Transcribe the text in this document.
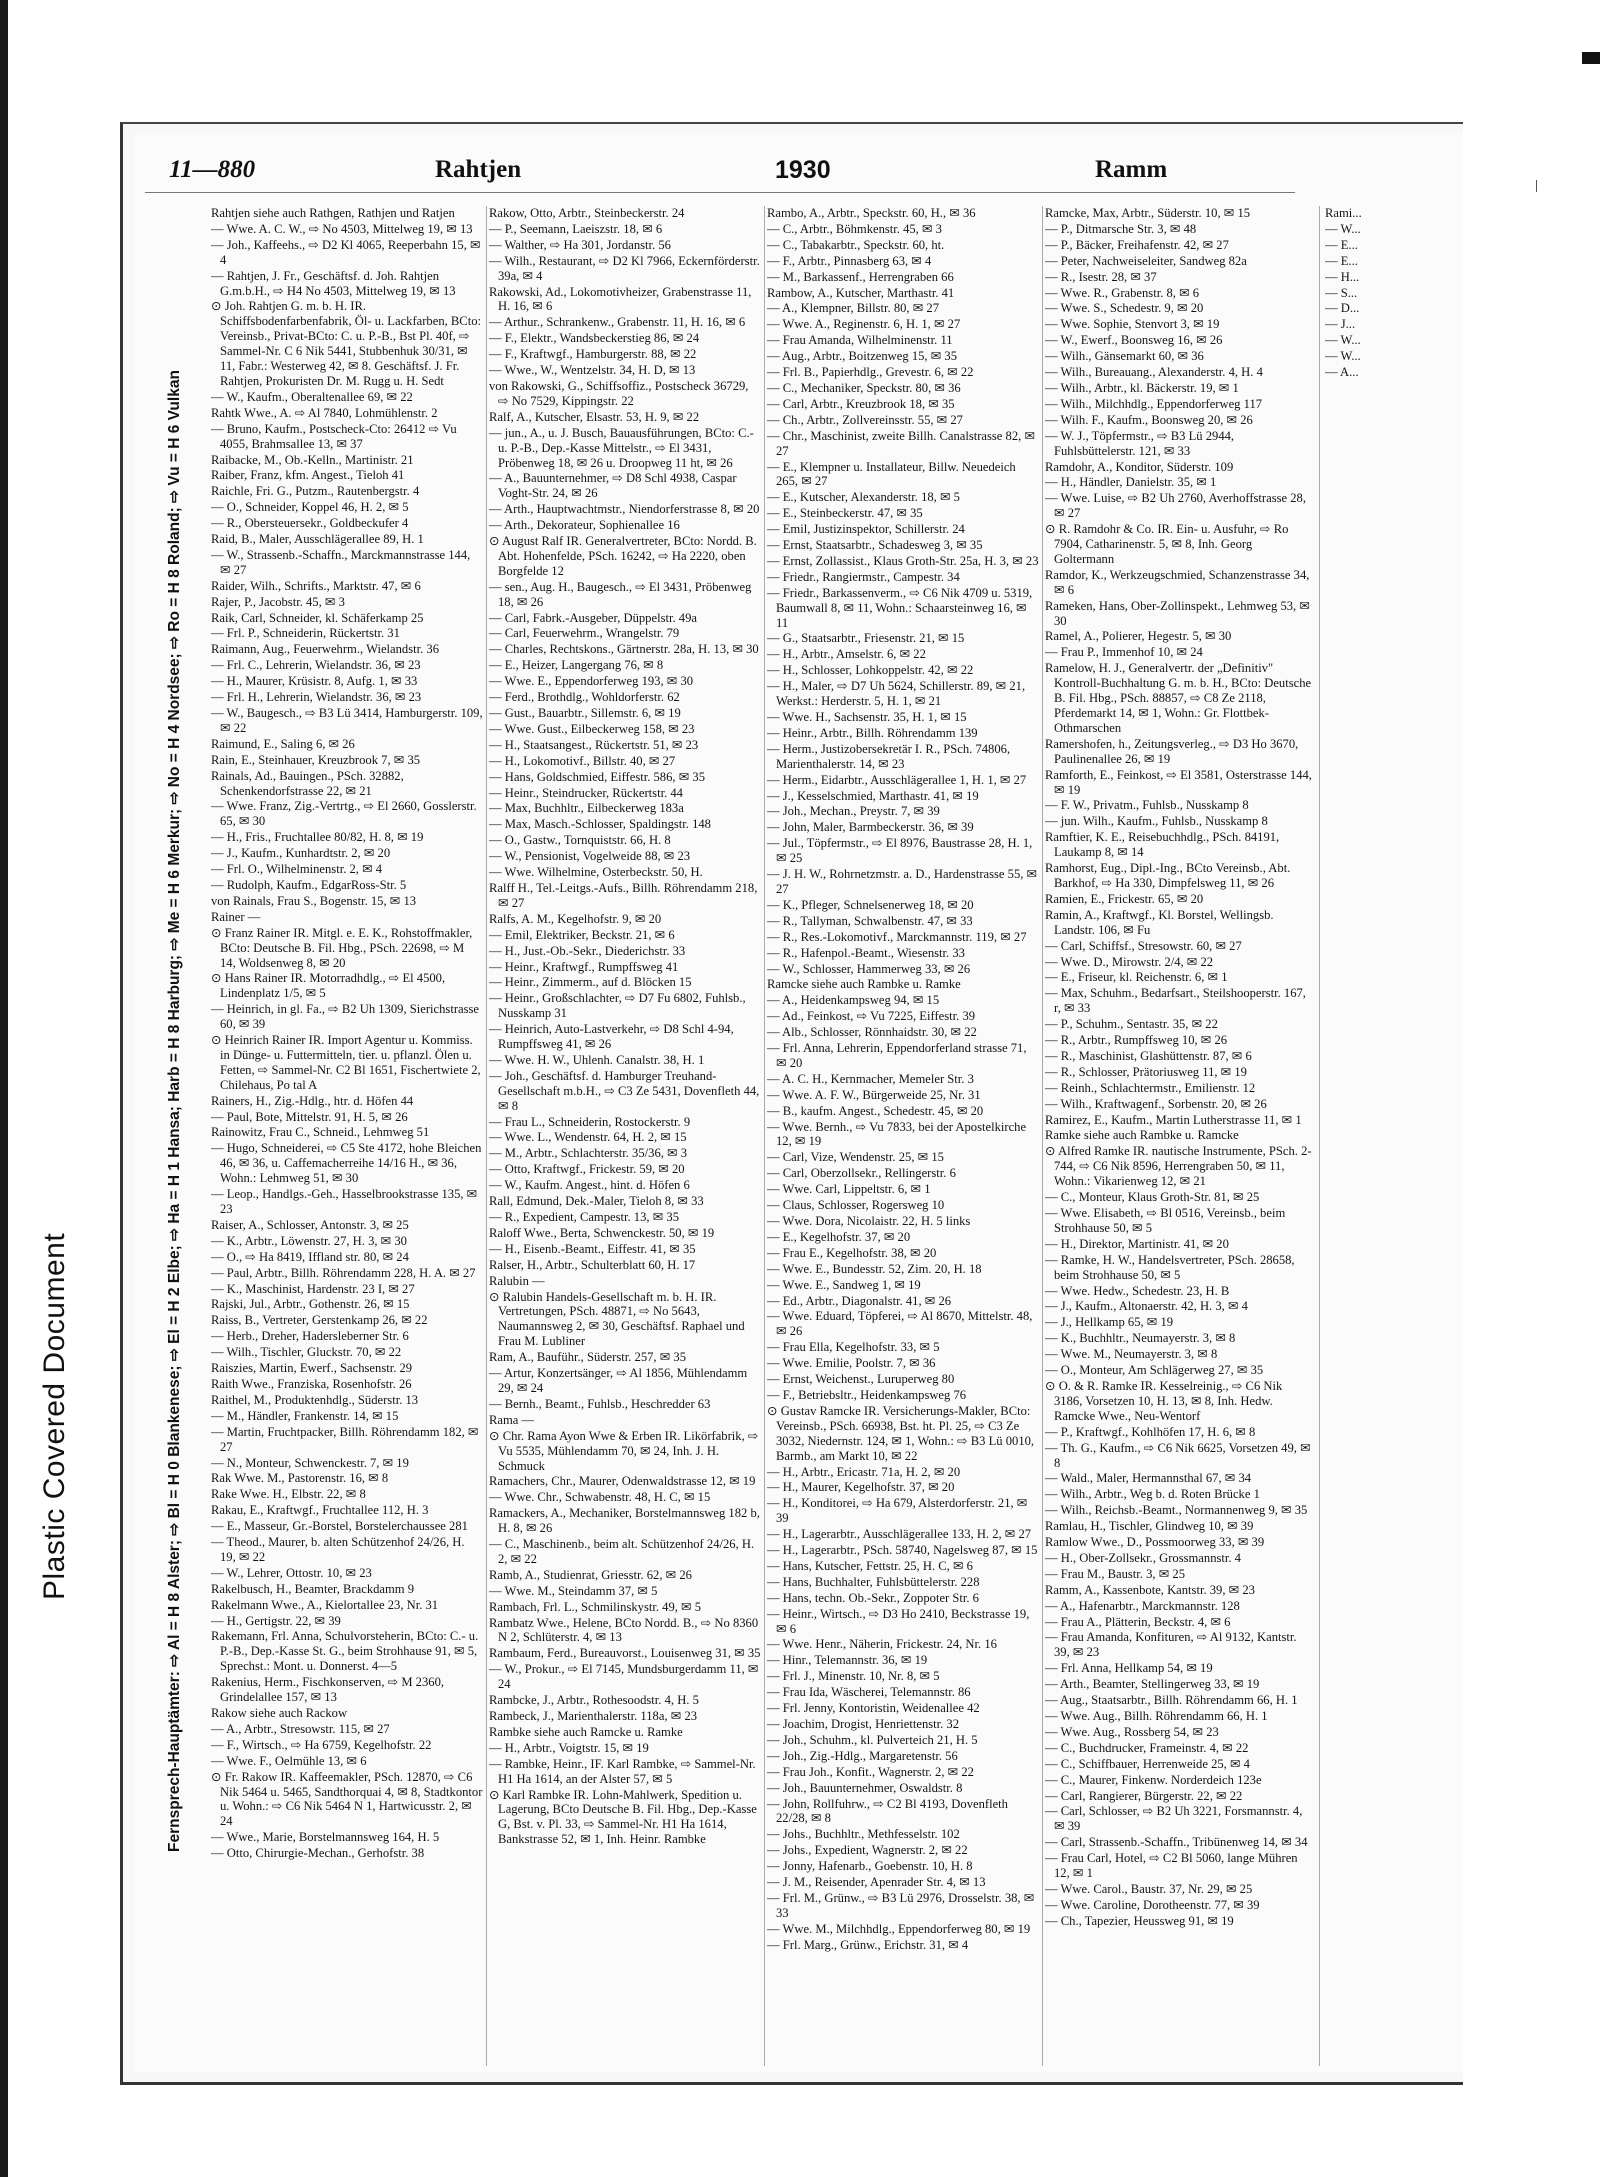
Plastic Covered Document
11—880	Rahtjen	1930	Ramm
Fernsprech-Hauptämter: ⇨ Al = H 8 Alster; ⇨ Bl = H 0 Blankenese; ⇨ El = H 2 Elbe; ⇨ Ha = H 1 Hansa; Harb = H 8 Harburg; ⇨ Me = H 6 Merkur; ⇨ No = H 4 Nordsee; ⇨ Ro = H 8 Roland; ⇨ Vu = H 6 Vulkan

Rahtjen siehe auch Rathgen, Rathjen und Ratjen

— Wwe. A. C. W., ⇨ No 4503, Mittelweg 19, ✉ 13

— Joh., Kaffeehs., ⇨ D2 Kl 4065, Reeperbahn 15, ✉ 4

— Rahtjen, J. Fr., Geschäftsf. d. Joh. Rahtjen G.m.b.H., ⇨ H4 No 4503, Mittelweg 19, ✉ 13

⊙ Joh. Rahtjen G. m. b. H. IR. Schiffsbodenfarbenfabrik, Öl- u. Lackfarben, BCto: Vereinsb., Privat-BCto: C. u. P.-B., Bst Pl. 40f, ⇨ Sammel-Nr. C 6 Nik 5441, Stubbenhuk 30/31, ✉ 11, Fabr.: Westerweg 42, ✉ 8. Geschäftsf. J. Fr. Rahtjen, Prokuristen Dr. M. Rugg u. H. Sedt

— W., Kaufm., Oberaltenallee 69, ✉ 22

Rahtk Wwe., A. ⇨ Al 7840, Lohmühlenstr. 2

— Bruno, Kaufm., Postscheck-Cto: 26412 ⇨ Vu 4055, Brahmsallee 13, ✉ 37

Raibacke, M., Ob.-Kelln., Martinistr. 21

Raiber, Franz, kfm. Angest., Tieloh 41

Raichle, Fri. G., Putzm., Rautenbergstr. 4

— O., Schneider, Koppel 46, H. 2, ✉ 5

— R., Obersteuersekr., Goldbeckufer 4

Raid, B., Maler, Ausschlägerallee 89, H. 1

— W., Strassenb.-Schaffn., Marckmannstrasse 144, ✉ 27

Raider, Wilh., Schrifts., Marktstr. 47, ✉ 6

Rajer, P., Jacobstr. 45, ✉ 3

Raik, Carl, Schneider, kl. Schäferkamp 25

— Frl. P., Schneiderin, Rückertstr. 31

Raimann, Aug., Feuerwehrm., Wielandstr. 36

— Frl. C., Lehrerin, Wielandstr. 36, ✉ 23

— H., Maurer, Krüsistr. 8, Aufg. 1, ✉ 33

— Frl. H., Lehrerin, Wielandstr. 36, ✉ 23

— W., Baugesch., ⇨ B3 Lü 3414, Hamburgerstr. 109, ✉ 22

Raimund, E., Saling 6, ✉ 26

Rain, E., Steinhauer, Kreuzbrook 7, ✉ 35

Rainals, Ad., Bauingen., PSch. 32882, Schenkendorfstrasse 22, ✉ 21

— Wwe. Franz, Zig.-Vertrtg., ⇨ El 2660, Gosslerstr. 65, ✉ 30

— H., Fris., Fruchtallee 80/82, H. 8, ✉ 19

— J., Kaufm., Kunhardtstr. 2, ✉ 20

— Frl. O., Wilhelminenstr. 2, ✉ 4

— Rudolph, Kaufm., EdgarRoss-Str. 5

von Rainals, Frau S., Bogenstr. 15, ✉ 13

Rainer —

⊙ Franz Rainer IR. Mitgl. e. E. K., Rohstoffmakler, BCto: Deutsche B. Fil. Hbg., PSch. 22698, ⇨ M 14, Woldsenweg 8, ✉ 20

⊙ Hans Rainer IR. Motorradhdlg., ⇨ El 4500, Lindenplatz 1/5, ✉ 5

— Heinrich, in gl. Fa., ⇨ B2 Uh 1309, Sierichstrasse 60, ✉ 39

⊙ Heinrich Rainer IR. Import Agentur u. Kommiss. in Dünge- u. Futtermitteln, tier. u. pflanzl. Ölen u. Fetten, ⇨ Sammel-Nr. C2 Bl 1651, Fischertwiete 2, Chilehaus, Po tal A

Rainers, H., Zig.-Hdlg., htr. d. Höfen 44

— Paul, Bote, Mittelstr. 91, H. 5, ✉ 26

Rainowitz, Frau C., Schneid., Lehmweg 51

— Hugo, Schneiderei, ⇨ C5 Ste 4172, hohe Bleichen 46, ✉ 36, u. Caffemacherreihe 14/16 H., ✉ 36, Wohn.: Lehmweg 51, ✉ 30

— Leop., Handlgs.-Geh., Hasselbrookstrasse 135, ✉ 23

Raiser, A., Schlosser, Antonstr. 3, ✉ 25

— K., Arbtr., Löwenstr. 27, H. 3, ✉ 30

— O., ⇨ Ha 8419, Iffland str. 80, ✉ 24

— Paul, Arbtr., Billh. Röhrendamm 228, H. A. ✉ 27

— K., Maschinist, Hardenstr. 23 I, ✉ 27

Rajski, Jul., Arbtr., Gothenstr. 26, ✉ 15

Raiss, B., Vertreter, Gerstenkamp 26, ✉ 22

— Herb., Dreher, Hadersleberner Str. 6

— Wilh., Tischler, Gluckstr. 70, ✉ 22

Raiszies, Martin, Ewerf., Sachsenstr. 29

Raith Wwe., Franziska, Rosenhofstr. 26

Raithel, M., Produktenhdlg., Süderstr. 13

— M., Händler, Frankenstr. 14, ✉ 15

— Martin, Fruchtpacker, Billh. Röhrendamm 182, ✉ 27

— N., Monteur, Schwenckestr. 7, ✉ 19

Rak Wwe. M., Pastorenstr. 16, ✉ 8

Rake Wwe. H., Elbstr. 22, ✉ 8

Rakau, E., Kraftwgf., Fruchtallee 112, H. 3

— E., Masseur, Gr.-Borstel, Borstelerchaussee 281

— Theod., Maurer, b. alten Schützenhof 24/26, H. 19, ✉ 22

— W., Lehrer, Ottostr. 10, ✉ 23

Rakelbusch, H., Beamter, Brackdamm 9

Rakelmann Wwe., A., Kielortallee 23, Nr. 31

— H., Gertigstr. 22, ✉ 39

Rakemann, Frl. Anna, Schulvorsteherin, BCto: C.- u. P.-B., Dep.-Kasse St. G., beim Strohhause 91, ✉ 5, Sprechst.: Mont. u. Donnerst. 4—5

Rakenius, Herm., Fischkonserven, ⇨ M 2360, Grindelallee 157, ✉ 13

Rakow siehe auch Rackow

— A., Arbtr., Stresowstr. 115, ✉ 27

— F., Wirtsch., ⇨ Ha 6759, Kegelhofstr. 22

— Wwe. F., Oelmühle 13, ✉ 6

⊙ Fr. Rakow IR. Kaffeemakler, PSch. 12870, ⇨ C6 Nik 5464 u. 5465, Sandthorquai 4, ✉ 8, Stadtkontor u. Wohn.: ⇨ C6 Nik 5464 N 1, Hartwicusstr. 2, ✉ 24

— Wwe., Marie, Borstelmannsweg 164, H. 5

— Otto, Chirurgie-Mechan., Gerhofstr. 38

Rakow, Otto, Arbtr., Steinbeckerstr. 24

— P., Seemann, Laeiszstr. 18, ✉ 6

— Walther, ⇨ Ha 301, Jordanstr. 56

— Wilh., Restaurant, ⇨ D2 Kl 7966, Eckernförderstr. 39a, ✉ 4

Rakowski, Ad., Lokomotivheizer, Grabenstrasse 11, H. 16, ✉ 6

— Arthur., Schrankenw., Grabenstr. 11, H. 16, ✉ 6

— F., Elektr., Wandsbeckerstieg 86, ✉ 24

— F., Kraftwgf., Hamburgerstr. 88, ✉ 22

— Wwe., W., Wentzelstr. 34, H. D, ✉ 13

von Rakowski, G., Schiffsoffiz., Postscheck 36729, ⇨ No 7529, Kippingstr. 22

Ralf, A., Kutscher, Elsastr. 53, H. 9, ✉ 22

— jun., A., u. J. Busch, Bauausführungen, BCto: C.- u. P.-B., Dep.-Kasse Mittelstr., ⇨ El 3431, Pröbenweg 18, ✉ 26 u. Droopweg 11 ht, ✉ 26

— A., Bauunternehmer, ⇨ D8 Schl 4938, Caspar Voght-Str. 24, ✉ 26

— Arth., Hauptwachtmstr., Niendorferstrasse 8, ✉ 20

— Arth., Dekorateur, Sophienallee 16

⊙ August Ralf IR. Generalvertreter, BCto: Nordd. B. Abt. Hohenfelde, PSch. 16242, ⇨ Ha 2220, oben Borgfelde 12

— sen., Aug. H., Baugesch., ⇨ El 3431, Pröbenweg 18, ✉ 26

— Carl, Fabrk.-Ausgeber, Düppelstr. 49a

— Carl, Feuerwehrm., Wrangelstr. 79

— Charles, Rechtskons., Gärtnerstr. 28a, H. 13, ✉ 30

— E., Heizer, Langergang 76, ✉ 8

— Wwe. E., Eppendorferweg 193, ✉ 30

— Ferd., Brothdlg., Wohldorferstr. 62

— Gust., Bauarbtr., Sillemstr. 6, ✉ 19

— Wwe. Gust., Eilbeckerweg 158, ✉ 23

— H., Staatsangest., Rückertstr. 51, ✉ 23

— H., Lokomotivf., Billstr. 40, ✉ 27

— Hans, Goldschmied, Eiffestr. 586, ✉ 35

— Heinr., Steindrucker, Rückertstr. 44

— Max, Buchhltr., Eilbeckerweg 183a

— Max, Masch.-Schlosser, Spaldingstr. 148

— O., Gastw., Tornquiststr. 66, H. 8

— W., Pensionist, Vogelweide 88, ✉ 23

— Wwe. Wilhelmine, Osterbeckstr. 50, H.

Ralff H., Tel.-Leitgs.-Aufs., Billh. Röhrendamm 218, ✉ 27

Ralfs, A. M., Kegelhofstr. 9, ✉ 20

— Emil, Elektriker, Beckstr. 21, ✉ 6

— H., Just.-Ob.-Sekr., Diederichstr. 33

— Heinr., Kraftwgf., Rumpffsweg 41

— Heinr., Zimmerm., auf d. Blöcken 15

— Heinr., Großschlachter, ⇨ D7 Fu 6802, Fuhlsb., Nusskamp 31

— Heinrich, Auto-Lastverkehr, ⇨ D8 Schl 4-94, Rumpffsweg 41, ✉ 26

— Wwe. H. W., Uhlenh. Canalstr. 38, H. 1

— Joh., Geschäftsf. d. Hamburger Treuhand-Gesellschaft m.b.H., ⇨ C3 Ze 5431, Dovenfleth 44, ✉ 8

— Frau L., Schneiderin, Rostockerstr. 9

— Wwe. L., Wendenstr. 64, H. 2, ✉ 15

— M., Arbtr., Schlachterstr. 35/36, ✉ 3

— Otto, Kraftwgf., Frickestr. 59, ✉ 20

— W., Kaufm. Angest., hint. d. Höfen 6

Rall, Edmund, Dek.-Maler, Tieloh 8, ✉ 33

— R., Expedient, Campestr. 13, ✉ 35

Raloff Wwe., Berta, Schwenckestr. 50, ✉ 19

— H., Eisenb.-Beamt., Eiffestr. 41, ✉ 35

Ralser, H., Arbtr., Schulterblatt 60, H. 17

Ralubin —

⊙ Ralubin Handels-Gesellschaft m. b. H. IR. Vertretungen, PSch. 48871, ⇨ No 5643, Naumannsweg 2, ✉ 30, Geschäftsf. Raphael und Frau M. Lubliner

Ram, A., Bauführ., Süderstr. 257, ✉ 35

— Artur, Konzertsänger, ⇨ Al 1856, Mühlendamm 29, ✉ 24

— Bernh., Beamt., Fuhlsb., Heschredder 63

Rama —

⊙ Chr. Rama Ayon Wwe & Erben IR. Likörfabrik, ⇨ Vu 5535, Mühlendamm 70, ✉ 24, Inh. J. H. Schmuck

Ramachers, Chr., Maurer, Odenwaldstrasse 12, ✉ 19

— Wwe. Chr., Schwabenstr. 48, H. C, ✉ 15

Ramackers, A., Mechaniker, Borstelmannsweg 182 b, H. 8, ✉ 26

— C., Maschinenb., beim alt. Schützenhof 24/26, H. 2, ✉ 22

Ramb, A., Studienrat, Griesstr. 62, ✉ 26

— Wwe. M., Steindamm 37, ✉ 5

Rambach, Frl. L., Schmilinskystr. 49, ✉ 5

Rambatz Wwe., Helene, BCto Nordd. B., ⇨ No 8360 N 2, Schlüterstr. 4, ✉ 13

Rambaum, Ferd., Bureauvorst., Louisenweg 31, ✉ 35

— W., Prokur., ⇨ El 7145, Mundsburgerdamm 11, ✉ 24

Rambcke, J., Arbtr., Rothesoodstr. 4, H. 5

Rambeck, J., Marienthalerstr. 118a, ✉ 23

Rambke siehe auch Ramcke u. Ramke

— H., Arbtr., Voigtstr. 15, ✉ 19

— Rambke, Heinr., IF. Karl Rambke, ⇨ Sammel-Nr. H1 Ha 1614, an der Alster 57, ✉ 5

⊙ Karl Rambke IR. Lohn-Mahlwerk, Spedition u. Lagerung, BCto Deutsche B. Fil. Hbg., Dep.-Kasse G, Bst. v. Pl. 33, ⇨ Sammel-Nr. H1 Ha 1614, Bankstrasse 52, ✉ 1, Inh. Heinr. Rambke

Rambo, A., Arbtr., Speckstr. 60, H., ✉ 36

— C., Arbtr., Böhmkenstr. 45, ✉ 3

— C., Tabakarbtr., Speckstr. 60, ht.

— F., Arbtr., Pinnasberg 63, ✉ 4

— M., Barkassenf., Herrengraben 66

Rambow, A., Kutscher, Marthastr. 41

— A., Klempner, Billstr. 80, ✉ 27

— Wwe. A., Reginenstr. 6, H. 1, ✉ 27

— Frau Amanda, Wilhelminenstr. 11

— Aug., Arbtr., Boitzenweg 15, ✉ 35

— Frl. B., Papierhdlg., Grevestr. 6, ✉ 22

— C., Mechaniker, Speckstr. 80, ✉ 36

— Carl, Arbtr., Kreuzbrook 18, ✉ 35

— Ch., Arbtr., Zollvereinsstr. 55, ✉ 27

— Chr., Maschinist, zweite Billh. Canalstrasse 82, ✉ 27

— E., Klempner u. Installateur, Billw. Neuedeich 265, ✉ 27

— E., Kutscher, Alexanderstr. 18, ✉ 5

— E., Steinbeckerstr. 47, ✉ 35

— Emil, Justizinspektor, Schillerstr. 24

— Ernst, Staatsarbtr., Schadesweg 3, ✉ 35

— Ernst, Zollassist., Klaus Groth-Str. 25a, H. 3, ✉ 23

— Friedr., Rangiermstr., Campestr. 34

— Friedr., Barkassenverm., ⇨ C6 Nik 4709 u. 5319, Baumwall 8, ✉ 11, Wohn.: Schaarsteinweg 16, ✉ 11

— G., Staatsarbtr., Friesenstr. 21, ✉ 15

— H., Arbtr., Amselstr. 6, ✉ 22

— H., Schlosser, Lohkoppelstr. 42, ✉ 22

— H., Maler, ⇨ D7 Uh 5624, Schillerstr. 89, ✉ 21, Werkst.: Herderstr. 5, H. 1, ✉ 21

— Wwe. H., Sachsenstr. 35, H. 1, ✉ 15

— Heinr., Arbtr., Billh. Röhrendamm 139

— Herm., Justizobersekretär I. R., PSch. 74806, Marienthalerstr. 14, ✉ 23

— Herm., Eidarbtr., Ausschlägerallee 1, H. 1, ✉ 27

— J., Kesselschmied, Marthastr. 41, ✉ 19

— Joh., Mechan., Preystr. 7, ✉ 39

— John, Maler, Barmbeckerstr. 36, ✉ 39

— Jul., Töpfermstr., ⇨ El 8976, Baustrasse 28, H. 1, ✉ 25

— J. H. W., Rohrnetzmstr. a. D., Hardenstrasse 55, ✉ 27

— K., Pfleger, Schnelsenerweg 18, ✉ 20

— R., Tallyman, Schwalbenstr. 47, ✉ 33

— R., Res.-Lokomotivf., Marckmannstr. 119, ✉ 27

— R., Hafenpol.-Beamt., Wiesenstr. 33

— W., Schlosser, Hammerweg 33, ✉ 26

Ramcke siehe auch Rambke u. Ramke

— A., Heidenkampsweg 94, ✉ 15

— Ad., Feinkost, ⇨ Vu 7225, Eiffestr. 39

— Alb., Schlosser, Rönnhaidstr. 30, ✉ 22

— Frl. Anna, Lehrerin, Eppendorferland strasse 71, ✉ 20

— A. C. H., Kernmacher, Memeler Str. 3

— Wwe. A. F. W., Bürgerweide 25, Nr. 31

— B., kaufm. Angest., Schedestr. 45, ✉ 20

— Wwe. Bernh., ⇨ Vu 7833, bei der Apostelkirche 12, ✉ 19

— Carl, Vize, Wendenstr. 25, ✉ 15

— Carl, Oberzollsekr., Rellingerstr. 6

— Wwe. Carl, Lippeltstr. 6, ✉ 1

— Claus, Schlosser, Rogersweg 10

— Wwe. Dora, Nicolaistr. 22, H. 5 links

— E., Kegelhofstr. 37, ✉ 20

— Frau E., Kegelhofstr. 38, ✉ 20

— Wwe. E., Bundesstr. 52, Zim. 20, H. 18

— Wwe. E., Sandweg 1, ✉ 19

— Ed., Arbtr., Diagonalstr. 41, ✉ 26

— Wwe. Eduard, Töpferei, ⇨ Al 8670, Mittelstr. 48, ✉ 26

— Frau Ella, Kegelhofstr. 33, ✉ 5

— Wwe. Emilie, Poolstr. 7, ✉ 36

— Ernst, Weichenst., Luruperweg 80

— F., Betriebsltr., Heidenkampsweg 76

⊙ Gustav Ramcke IR. Versicherungs-Makler, BCto: Vereinsb., PSch. 66938, Bst. ht. Pl. 25, ⇨ C3 Ze 3032, Niedernstr. 124, ✉ 1, Wohn.: ⇨ B3 Lü 0010, Barmb., am Markt 10, ✉ 22

— H., Arbtr., Ericastr. 71a, H. 2, ✉ 20

— H., Maurer, Kegelhofstr. 37, ✉ 20

— H., Konditorei, ⇨ Ha 679, Alsterdorferstr. 21, ✉ 39

— H., Lagerarbtr., Ausschlägerallee 133, H. 2, ✉ 27

— H., Lagerarbtr., PSch. 58740, Nagelsweg 87, ✉ 15

— Hans, Kutscher, Fettstr. 25, H. C, ✉ 6

— Hans, Buchhalter, Fuhlsbüttelerstr. 228

— Hans, techn. Ob.-Sekr., Zoppoter Str. 6

— Heinr., Wirtsch., ⇨ D3 Ho 2410, Beckstrasse 19, ✉ 6

— Wwe. Henr., Näherin, Frickestr. 24, Nr. 16

— Hinr., Telemannstr. 36, ✉ 19

— Frl. J., Minenstr. 10, Nr. 8, ✉ 5

— Frau Ida, Wäscherei, Telemannstr. 86

— Frl. Jenny, Kontoristin, Weidenallee 42

— Joachim, Drogist, Henriettenstr. 32

— Joh., Schuhm., kl. Pulverteich 21, H. 5

— Joh., Zig.-Hdlg., Margaretenstr. 56

— Frau Joh., Konfit., Wagnerstr. 2, ✉ 22

— Joh., Bauunternehmer, Oswaldstr. 8

— John, Rollfuhrw., ⇨ C2 Bl 4193, Dovenfleth 22/28, ✉ 8

— Johs., Buchhltr., Methfesselstr. 102

— Johs., Expedient, Wagnerstr. 2, ✉ 22

— Jonny, Hafenarb., Goebenstr. 10, H. 8

— J. M., Reisender, Apenrader Str. 4, ✉ 13

— Frl. M., Grünw., ⇨ B3 Lü 2976, Drosselstr. 38, ✉ 33

— Wwe. M., Milchhdlg., Eppendorferweg 80, ✉ 19

— Frl. Marg., Grünw., Erichstr. 31, ✉ 4

Ramcke, Max, Arbtr., Süderstr. 10, ✉ 15

— P., Ditmarsche Str. 3, ✉ 48

— P., Bäcker, Freihafenstr. 42, ✉ 27

— Peter, Nachweiseleiter, Sandweg 82a

— R., Isestr. 28, ✉ 37

— Wwe. R., Grabenstr. 8, ✉ 6

— Wwe. S., Schedestr. 9, ✉ 20

— Wwe. Sophie, Stenvort 3, ✉ 19

— W., Ewerf., Boonsweg 16, ✉ 26

— Wilh., Gänsemarkt 60, ✉ 36

— Wilh., Bureauang., Alexanderstr. 4, H. 4

— Wilh., Arbtr., kl. Bäckerstr. 19, ✉ 1

— Wilh., Milchhdlg., Eppendorferweg 117

— Wilh. F., Kaufm., Boonsweg 20, ✉ 26

— W. J., Töpfermstr., ⇨ B3 Lü 2944, Fuhlsbüttelerstr. 121, ✉ 33

Ramdohr, A., Konditor, Süderstr. 109

— H., Händler, Danielstr. 35, ✉ 1

— Wwe. Luise, ⇨ B2 Uh 2760, Averhoffstrasse 28, ✉ 27

⊙ R. Ramdohr & Co. IR. Ein- u. Ausfuhr, ⇨ Ro 7904, Catharinenstr. 5, ✉ 8, Inh. Georg Goltermann

Ramdor, K., Werkzeugschmied, Schanzenstrasse 34, ✉ 6

Rameken, Hans, Ober-Zollinspekt., Lehmweg 53, ✉ 30

Ramel, A., Polierer, Hegestr. 5, ✉ 30

— Frau P., Immenhof 10, ✉ 24

Ramelow, H. J., Generalvertr. der „Definitiv" Kontroll-Buchhaltung G. m. b. H., BCto: Deutsche B. Fil. Hbg., PSch. 88857, ⇨ C8 Ze 2118, Pferdemarkt 14, ✉ 1, Wohn.: Gr. Flottbek-Othmarschen

Ramershofen, h., Zeitungsverleg., ⇨ D3 Ho 3670, Paulinenallee 26, ✉ 19

Ramforth, E., Feinkost, ⇨ El 3581, Osterstrasse 144, ✉ 19

— F. W., Privatm., Fuhlsb., Nusskamp 8

— jun. Wilh., Kaufm., Fuhlsb., Nusskamp 8

Ramftier, K. E., Reisebuchhdlg., PSch. 84191, Laukamp 8, ✉ 14

Ramhorst, Eug., Dipl.-Ing., BCto Vereinsb., Abt. Barkhof, ⇨ Ha 330, Dimpfelsweg 11, ✉ 26

Ramien, E., Frickestr. 65, ✉ 20

Ramin, A., Kraftwgf., Kl. Borstel, Wellingsb. Landstr. 106, ✉ Fu

— Carl, Schiffsf., Stresowstr. 60, ✉ 27

— Wwe. D., Mirowstr. 2/4, ✉ 22

— E., Friseur, kl. Reichenstr. 6, ✉ 1

— Max, Schuhm., Bedarfsart., Steilshooperstr. 167, r, ✉ 33

— P., Schuhm., Sentastr. 35, ✉ 22

— R., Arbtr., Rumpffsweg 10, ✉ 26

— R., Maschinist, Glashüttenstr. 87, ✉ 6

— R., Schlosser, Prätoriusweg 11, ✉ 19

— Reinh., Schlachtermstr., Emilienstr. 12

— Wilh., Kraftwagenf., Sorbenstr. 20, ✉ 26

Ramirez, E., Kaufm., Martin Lutherstrasse 11, ✉ 1

Ramke siehe auch Rambke u. Ramcke

⊙ Alfred Ramke IR. nautische Instrumente, PSch. 2-744, ⇨ C6 Nik 8596, Herrengraben 50, ✉ 11, Wohn.: Vikarienweg 12, ✉ 21

— C., Monteur, Klaus Groth-Str. 81, ✉ 25

— Wwe. Elisabeth, ⇨ Bl 0516, Vereinsb., beim Strohhause 50, ✉ 5

— H., Direktor, Martinistr. 41, ✉ 20

— Ramke, H. W., Handelsvertreter, PSch. 28658, beim Strohhause 50, ✉ 5

— Wwe. Hedw., Schedestr. 23, H. B

— J., Kaufm., Altonaerstr. 42, H. 3, ✉ 4

— J., Hellkamp 65, ✉ 19

— K., Buchhltr., Neumayerstr. 3, ✉ 8

— Wwe. M., Neumayerstr. 3, ✉ 8

— O., Monteur, Am Schlägerweg 27, ✉ 35

⊙ O. & R. Ramke IR. Kesselreinig., ⇨ C6 Nik 3186, Vorsetzen 10, H. 13, ✉ 8, Inh. Hedw. Ramcke Wwe., Neu-Wentorf

— P., Kraftwgf., Kohlhöfen 17, H. 6, ✉ 8

— Th. G., Kaufm., ⇨ C6 Nik 6625, Vorsetzen 49, ✉ 8

— Wald., Maler, Hermannsthal 67, ✉ 34

— Wilh., Arbtr., Weg b. d. Roten Brücke 1

— Wilh., Reichsb.-Beamt., Normannenweg 9, ✉ 35

Ramlau, H., Tischler, Glindweg 10, ✉ 39

Ramlow Wwe., D., Possmoorweg 33, ✉ 39

— H., Ober-Zollsekr., Grossmannstr. 4

— Frau M., Baustr. 3, ✉ 25

Ramm, A., Kassenbote, Kantstr. 39, ✉ 23

— A., Hafenarbtr., Marckmannstr. 128

— Frau A., Plätterin, Beckstr. 4, ✉ 6

— Frau Amanda, Konfituren, ⇨ Al 9132, Kantstr. 39, ✉ 23

— Frl. Anna, Hellkamp 54, ✉ 19

— Arth., Beamter, Stellingerweg 33, ✉ 19

— Aug., Staatsarbtr., Billh. Röhrendamm 66, H. 1

— Wwe. Aug., Billh. Röhrendamm 66, H. 1

— Wwe. Aug., Rossberg 54, ✉ 23

— C., Buchdrucker, Frameinstr. 4, ✉ 22

— C., Schiffbauer, Herrenweide 25, ✉ 4

— C., Maurer, Finkenw. Norderdeich 123e

— Carl, Rangierer, Bürgerstr. 22, ✉ 22

— Carl, Schlosser, ⇨ B2 Uh 3221, Forsmannstr. 4, ✉ 39

— Carl, Strassenb.-Schaffn., Tribünenweg 14, ✉ 34

— Frau Carl, Hotel, ⇨ C2 Bl 5060, lange Mühren 12, ✉ 1

— Wwe. Carol., Baustr. 37, Nr. 29, ✉ 25

— Wwe. Caroline, Dorotheenstr. 77, ✉ 39

— Ch., Tapezier, Heussweg 91, ✉ 19

Rami...

— W...

— E...

— E...

— H...

— S...

— D...

— J...

— W...

— W...

— A...
